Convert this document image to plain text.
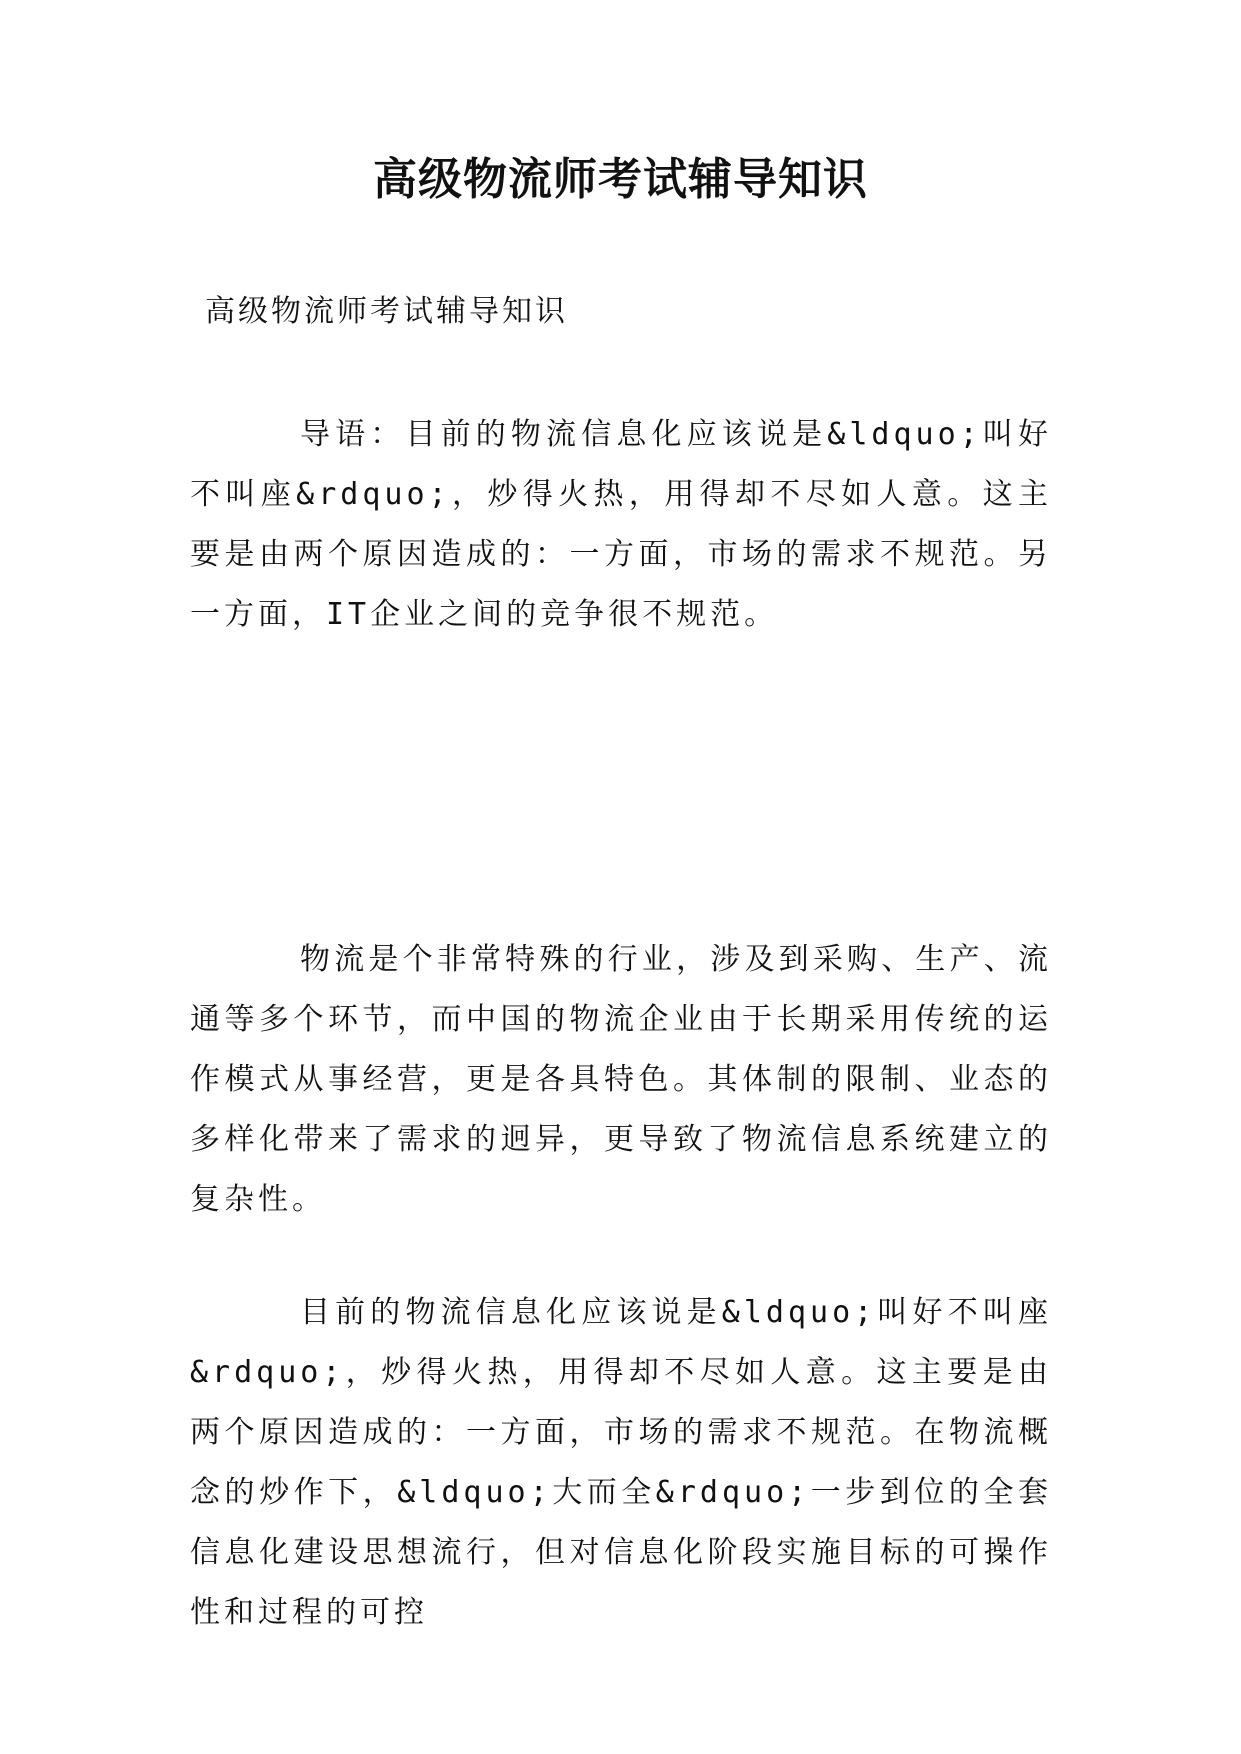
高级物流师考试辅导知识

高级物流师考试辅导知识

导语：目前的物流信息化应该说是&ldquo;叫好不叫座&rdquo;，炒得火热，用得却不尽如人意。这主要是由两个原因造成的：一方面，市场的需求不规范。另一方面，IT企业之间的竞争很不规范。

物流是个非常特殊的行业，涉及到采购、生产、流通等多个环节，而中国的物流企业由于长期采用传统的运作模式从事经营，更是各具特色。其体制的限制、业态的多样化带来了需求的迥异，更导致了物流信息系统建立的复杂性。

目前的物流信息化应该说是&ldquo;叫好不叫座&rdquo;，炒得火热，用得却不尽如人意。这主要是由两个原因造成的：一方面，市场的需求不规范。在物流概念的炒作下，&ldquo;大而全&rdquo;一步到位的全套信息化建设思想流行，但对信息化阶段实施目标的可操作性和过程的可控
